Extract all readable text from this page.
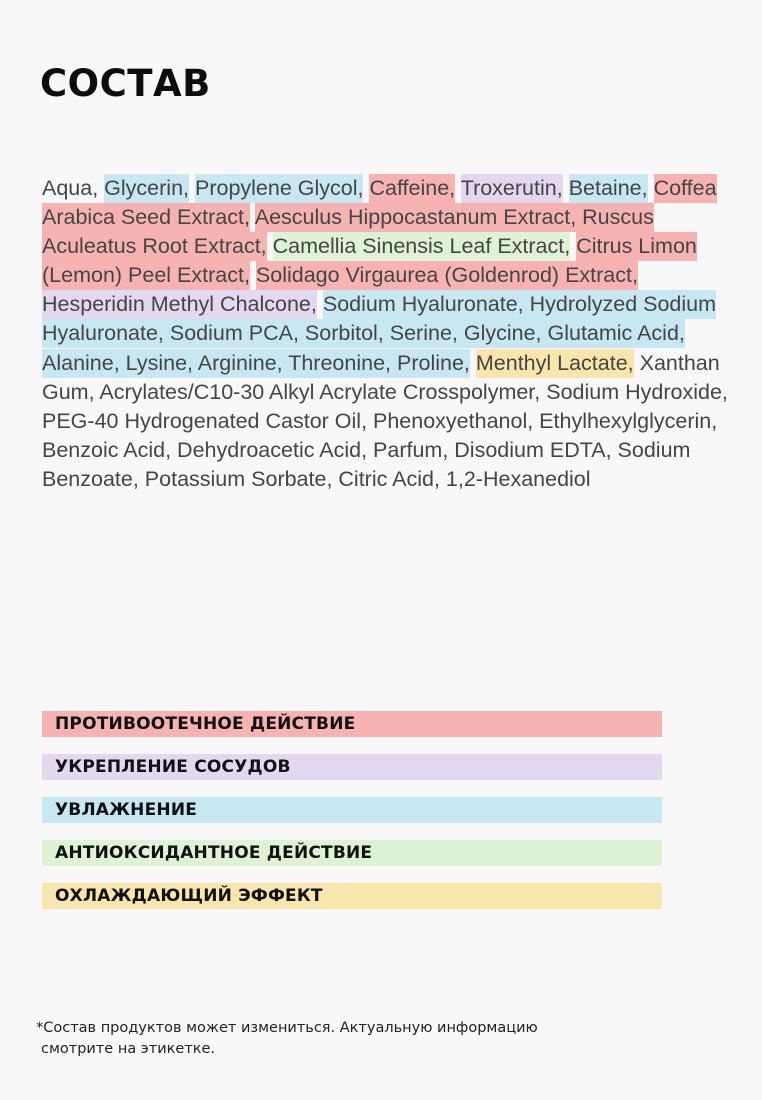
СОСТАВ

Aqua, Glycerin, Propylene Glycol, Caffeine, Troxerutin, Betaine, Coffea Arabica Seed Extract, Aesculus Hippocastanum Extract, Ruscus Aculeatus Root Extract, Camellia Sinensis Leaf Extract, Citrus Limon (Lemon) Peel Extract, Solidago Virgaurea (Goldenrod) Extract, Hesperidin Methyl Chalcone, Sodium Hyaluronate, Hydrolyzed Sodium Hyaluronate, Sodium PCA, Sorbitol, Serine, Glycine, Glutamic Acid, Alanine, Lysine, Arginine, Threonine, Proline, Menthyl Lactate, Xanthan Gum, Acrylates/C10-30 Alkyl Acrylate Crosspolymer, Sodium Hydroxide, PEG-40 Hydrogenated Castor Oil, Phenoxyethanol, Ethylhexylglycerin, Benzoic Acid, Dehydroacetic Acid, Parfum, Disodium EDTA, Sodium Benzoate, Potassium Sorbate, Citric Acid, 1,2-Hexanediol

ПРОТИВООТЕЧНОЕ ДЕЙСТВИЕ
УКРЕПЛЕНИЕ СОСУДОВ
УВЛАЖНЕНИЕ
АНТИОКСИДАНТНОЕ ДЕЙСТВИЕ
ОХЛАЖДАЮЩИЙ ЭФФЕКТ

*Состав продуктов может измениться. Актуальную информацию
смотрите на этикетке.
